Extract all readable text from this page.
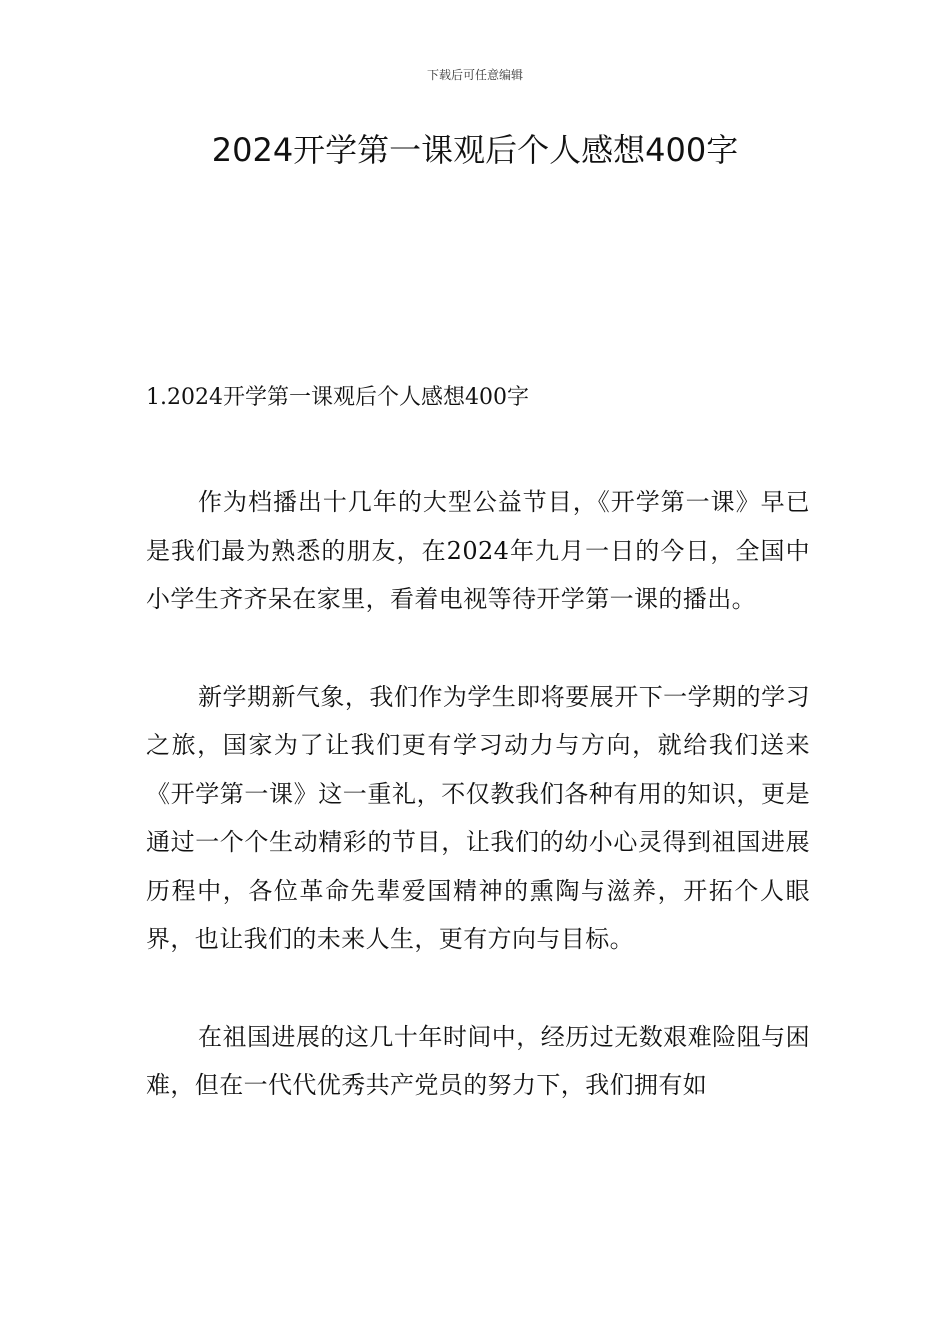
下载后可任意编辑
2024开学第一课观后个人感想400字
1.2024开学第一课观后个人感想400字

作为档播出十几年的大型公益节目，《开学第一课》早已是我们最为熟悉的朋友，在2024年九月一日的今日，全国中小学生齐齐呆在家里，看着电视等待开学第一课的播出。

新学期新气象，我们作为学生即将要展开下一学期的学习之旅，国家为了让我们更有学习动力与方向，就给我们送来《开学第一课》这一重礼，不仅教我们各种有用的知识，更是通过一个个生动精彩的节目，让我们的幼小心灵得到祖国进展历程中，各位革命先辈爱国精神的熏陶与滋养，开拓个人眼界，也让我们的未来人生，更有方向与目标。

在祖国进展的这几十年时间中，经历过无数艰难险阻与困难，但在一代代优秀共产党员的努力下，我们拥有如
